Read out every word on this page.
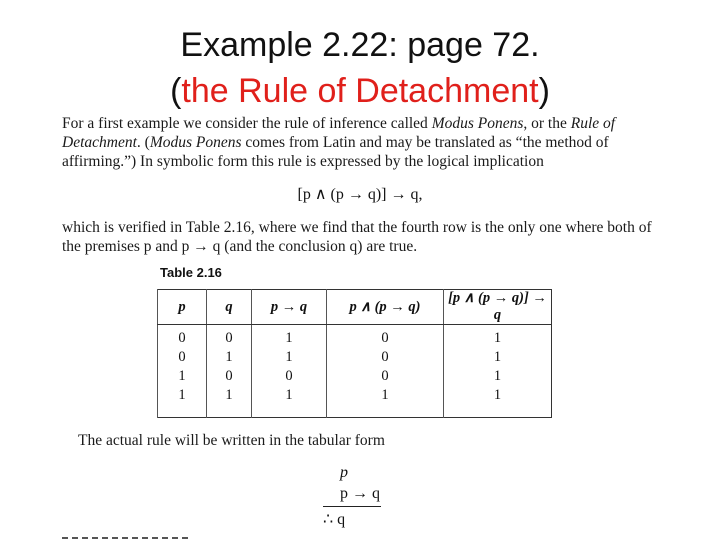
Example 2.22: page 72.
(the Rule of Detachment)
For a first example we consider the rule of inference called Modus Ponens, or the Rule of Detachment. (Modus Ponens comes from Latin and may be translated as “the method of affirming.”) In symbolic form this rule is expressed by the logical implication
[p ∧ (p → q)] → q,
which is verified in Table 2.16, where we find that the fourth row is the only one where both of the premises p and p → q (and the conclusion q) are true.
Table 2.16
p	q	p → q	p ∧ (p → q)	[p ∧ (p → q)] → q
0	0	1	0	1
0	1	1	0	1
1	0	0	0	1
1	1	1	1	1
The actual rule will be written in the tabular form
p
p → q
∴ q
